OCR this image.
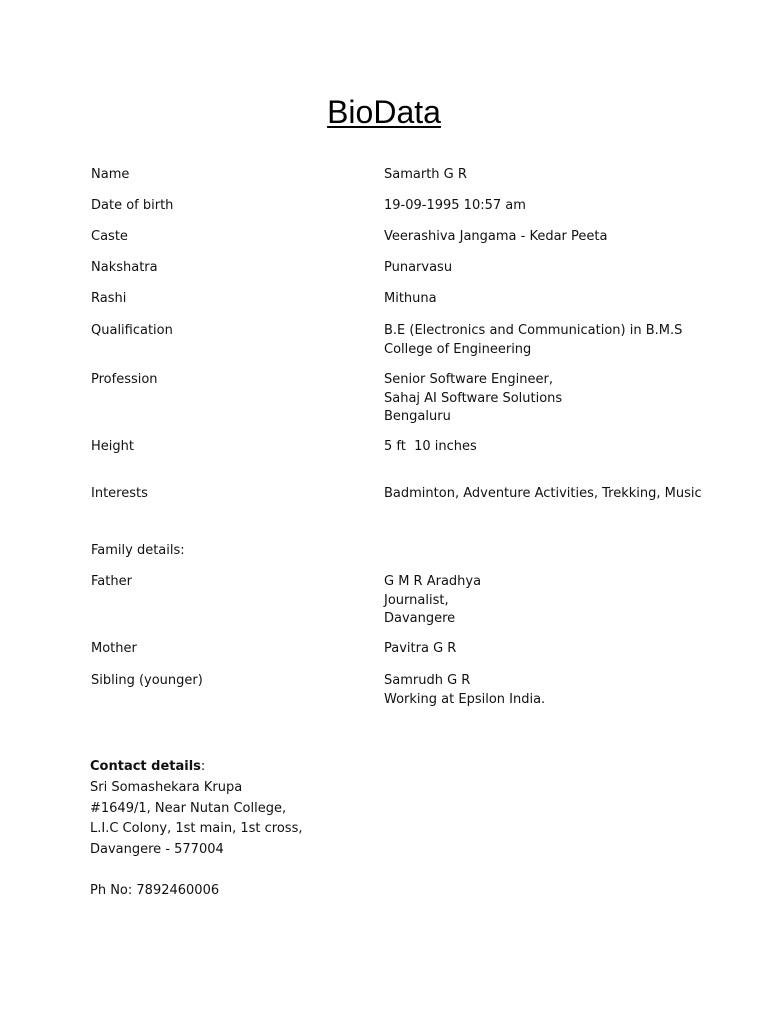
BioData
Name	Samarth G R
Date of birth	19-09-1995 10:57 am
Caste	Veerashiva Jangama - Kedar Peeta
Nakshatra	Punarvasu
Rashi	Mithuna
Qualification	B.E (Electronics and Communication) in B.M.S
College of Engineering
Profession	Senior Software Engineer,
Sahaj AI Software Solutions
Bengaluru
Height	5 ft  10 inches
Interests	Badminton, Adventure Activities, Trekking, Music
Family details:
Father	G M R Aradhya
Journalist,
Davangere
Mother	Pavitra G R
Sibling (younger)	Samrudh G R
Working at Epsilon India.
Contact details:
Sri Somashekara Krupa
#1649/1, Near Nutan College,
L.I.C Colony, 1st main, 1st cross,
Davangere - 577004
Ph No: 7892460006
